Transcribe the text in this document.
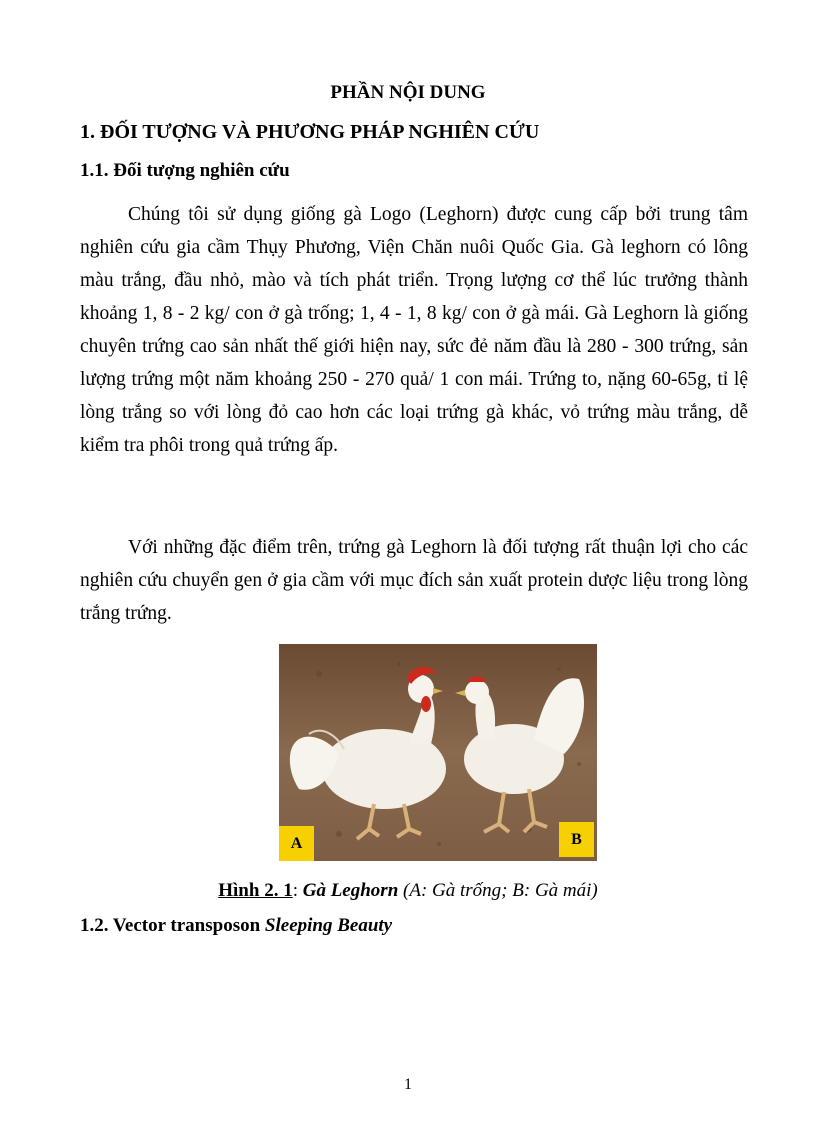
PHẦN NỘI DUNG
1. ĐỐI TƯỢNG VÀ PHƯƠNG PHÁP NGHIÊN CỨU
1.1. Đối tượng nghiên cứu

Chúng tôi sử dụng giống gà Logo (Leghorn) được cung cấp bởi trung tâm nghiên cứu gia cầm Thụy Phương, Viện Chăn nuôi Quốc Gia. Gà leghorn có lông màu trắng, đầu nhỏ, mào và tích phát triển. Trọng lượng cơ thể lúc trưởng thành khoảng 1, 8 - 2 kg/ con ở gà trống; 1, 4 - 1, 8 kg/ con ở gà mái. Gà Leghorn là giống chuyên trứng cao sản nhất thế giới hiện nay, sức đẻ năm đầu là 280 - 300 trứng, sản lượng trứng một năm khoảng 250 - 270 quả/ 1 con mái. Trứng to, nặng 60-65g, tỉ lệ lòng trắng so với lòng đỏ cao hơn các loại trứng gà khác, vỏ trứng màu trắng, dễ kiểm tra phôi trong quả trứng ấp.

Với những đặc điểm trên, trứng gà Leghorn là đối tượng rất thuận lợi cho các nghiên cứu chuyển gen ở gia cầm với mục đích sản xuất protein dược liệu trong lòng trắng trứng.

A	B
Hình 2. 1: Gà Leghorn (A: Gà trống; B: Gà mái)
1.2. Vector transposon Sleeping Beauty
1
